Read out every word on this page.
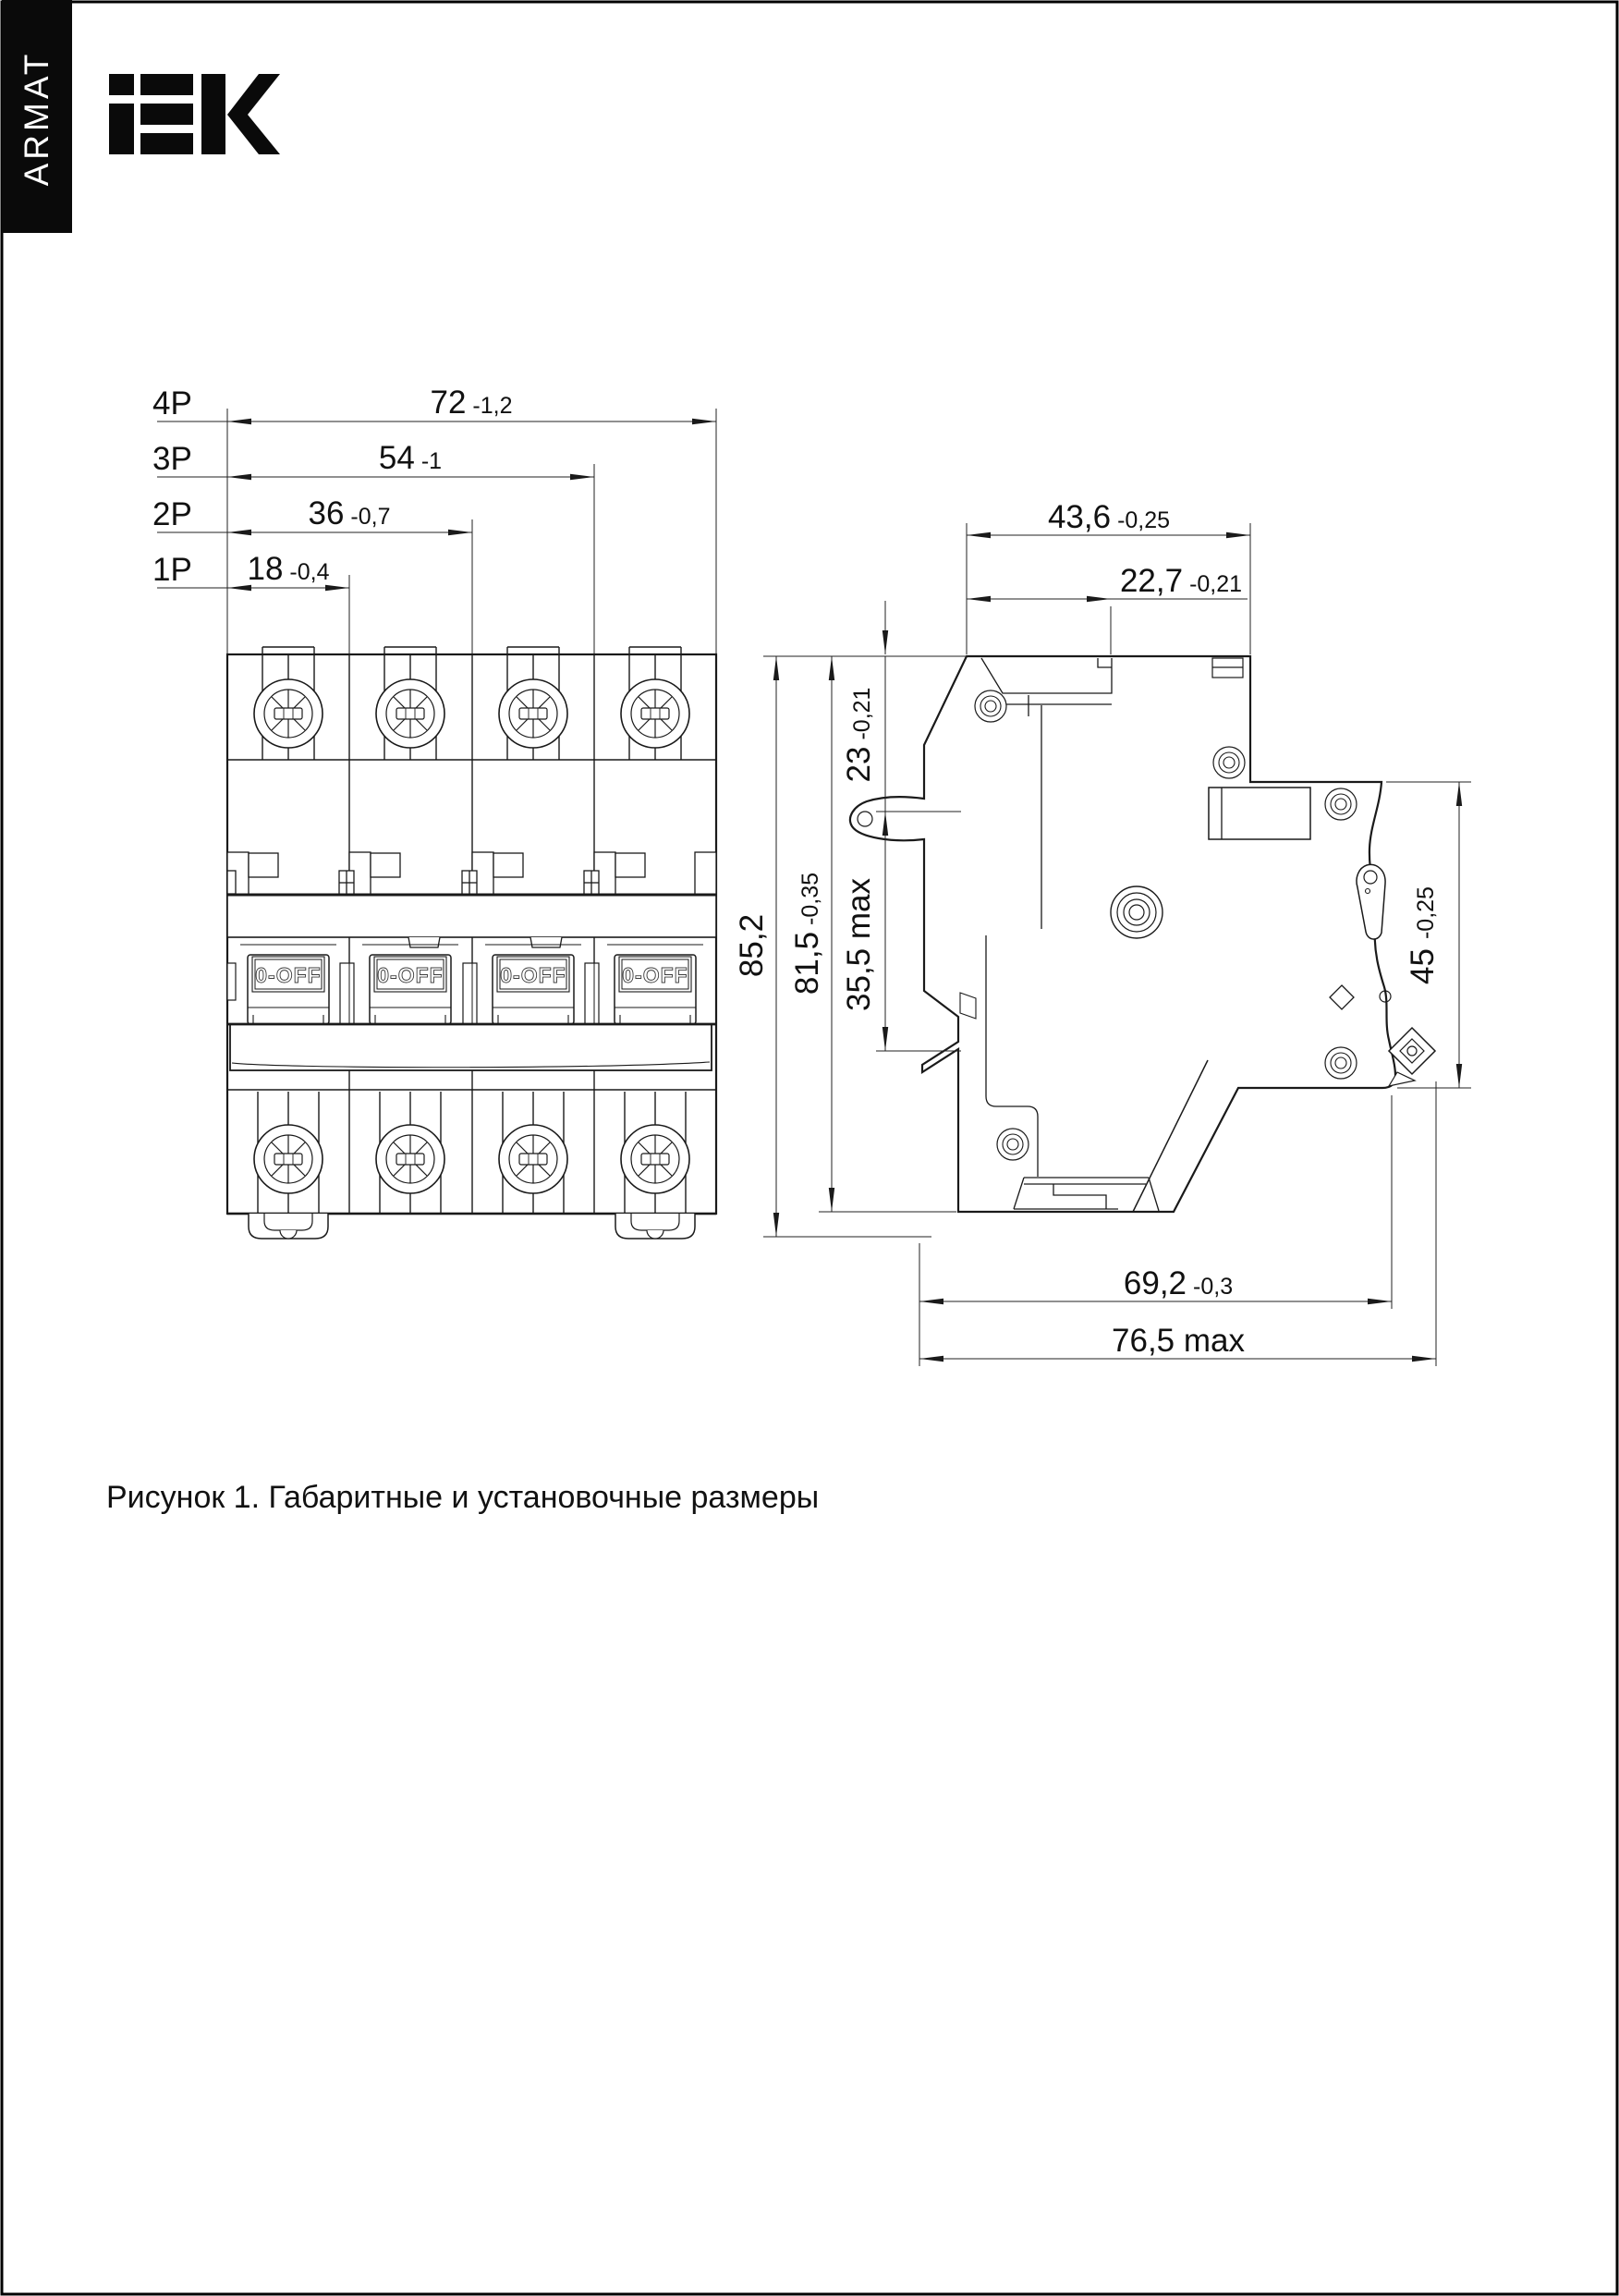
ARMAT
IEK
4P
3P
2P
1P
72 -1,2
54 -1
36 -0,7
18 -0,4
0-OFF	0-OFF	0-OFF	0-OFF
43,6 -0,25
22,7 -0,21
23-0,21
35,5 max
85,2 81,5-0,35
45-0,25
69,2 -0,3
76,5 max
Рисунок 1. Габаритные и установочные размеры
